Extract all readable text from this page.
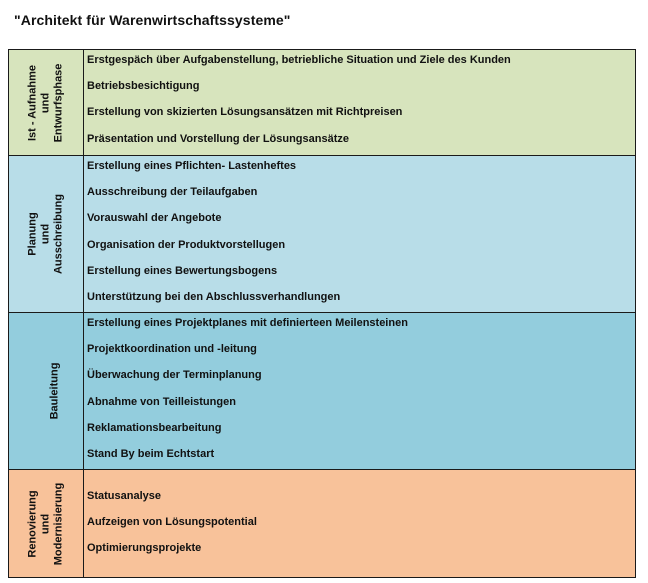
"Architekt für Warenwirtschaftssysteme"
Ist - Aufnahme und Entwurfsphase
Erstgespäch über Aufgabenstellung, betriebliche Situation und Ziele des Kunden
Betriebsbesichtigung
Erstellung von skizierten Lösungsansätzen mit Richtpreisen
Präsentation und Vorstellung der Lösungsansätze
Planung und Ausschreibung
Erstellung eines Pflichten- Lastenheftes
Ausschreibung der Teilaufgaben
Vorauswahl der Angebote
Organisation der Produktvorstellugen
Erstellung eines Bewertungsbogens
Unterstützung bei den Abschlussverhandlungen
Bauleitung
Erstellung eines Projektplanes mit definierteen Meilensteinen
Projektkoordination und -leitung
Überwachung der Terminplanung
Abnahme von Teilleistungen
Reklamationsbearbeitung
Stand By beim Echtstart
Renovierung und Modernisierung Statusanalyse
Aufzeigen von Lösungspotential
Optimierungsprojekte
